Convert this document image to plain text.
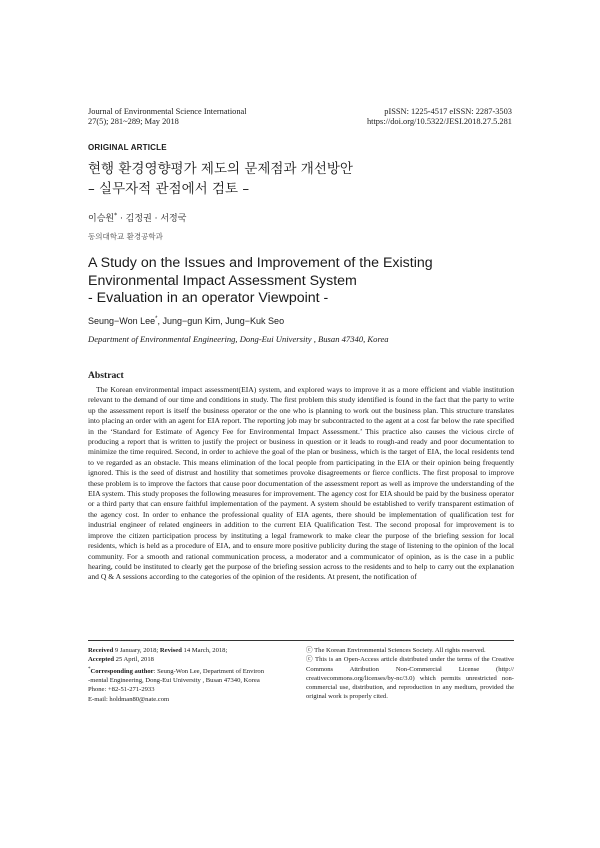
Journal of Environmental Science International
27(5); 281~289; May 2018
pISSN: 1225-4517 eISSN: 2287-3503
https://doi.org/10.5322/JESI.2018.27.5.281
ORIGINAL ARTICLE
현행 환경영향평가 제도의 문제점과 개선방안
– 실무자적 관점에서 검토 –
이승원* · 김정권 · 서정국
동의대학교 환경공학과
A Study on the Issues and Improvement of the Existing
Environmental Impact Assessment System
- Evaluation in an operator Viewpoint -
Seung−Won Lee*, Jung−gun Kim, Jung−Kuk Seo
Department of Environmental Engineering, Dong-Eui University , Busan 47340, Korea
Abstract

The Korean environmental impact assessment(EIA) system, and explored ways to improve it as a more efficient and viable institution relevant to the demand of our time and conditions in study. The first problem this study identified is found in the fact that the party to write up the assessment report is itself the business operator or the one who is planning to work out the business plan. This structure translates into placing an order with an agent for EIA report. The reporting job may br subcontracted to the agent at a cost far below the rate specified in the ‘Standard for Estimate of Agency Fee for Environmental Impact Assessment.’ This practice also causes the vicious circle of producing a report that is written to justify the project or business in question or it leads to rough-and ready and poor documentation to minimize the time required. Second, in order to achieve the goal of the plan or business, which is the target of EIA, the local residents tend to ve regarded as an obstacle. This means elimination of the local people from participating in the EIA or their opinion being frequently ignored. This is the seed of distrust and hostility that sometimes provoke disagreements or fierce conflicts. The first proposal to improve these problem is to improve the factors that cause poor documentation of the assessment report as well as improve the understanding of the EIA system. This study proposes the following measures for improvement. The agency cost for EIA should be paid by the business operator or a third party that can ensure faithful implementation of the payment. A system should be established to verify transparent estimation of the agency cost. In order to enhance the professional quality of EIA agents, there should be implementation of qualification test for industrial engineer of related engineers in addition to the current EIA Qualification Test. The second proposal for improvement is to improve the citizen participation process by instituting a legal framework to make clear the purpose of the briefing session for local residents, which is held as a procedure of EIA, and to ensure more positive publicity during the stage of listening to the opinion of the local community. For a smooth and rational communication process, a moderator and a communicator of opinion, as is the case in a public hearing, could be instituted to clearly get the purpose of the briefing session across to the residents and to help to carry out the explanation and Q & A sessions according to the categories of the opinion of the residents. At present, the notification of

Received 9 January, 2018; Revised 14 March, 2018;
Accepted 25 April, 2018
*Corresponding author: Seung-Won Lee, Department of Environ
-mental Engineering, Dong-Eui University , Busan 47340, Korea
Phone: +82-51-271-2933
E-mail: holdman80@nate.com
ⓒ The Korean Environmental Sciences Society. All rights reserved.
ⓒ This is an Open-Access article distributed under the terms of the Creative Commons Attribution Non-Commercial License (http:// creativecommons.org/licenses/by-nc/3.0) which permits unrestricted non-commercial use, distribution, and reproduction in any medium, provided the original work is properly cited.
